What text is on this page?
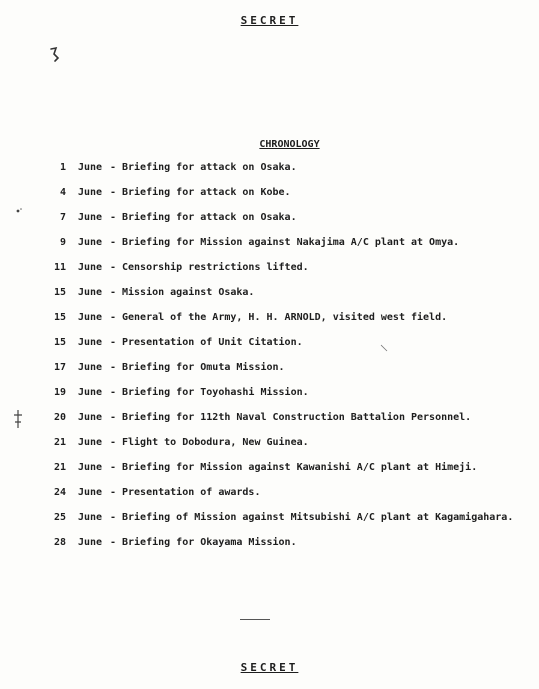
SECRET
CHRONOLOGY
1 June - Briefing for attack on Osaka.
4 June - Briefing for attack on Kobe.
7 June - Briefing for attack on Osaka.
9 June - Briefing for Mission against Nakajima A/C plant at Omya.
11 June - Censorship restrictions lifted.
15 June - Mission against Osaka.
15 June - General of the Army, H. H. ARNOLD, visited west field.
15 June - Presentation of Unit Citation.
17 June - Briefing for Omuta Mission.
19 June - Briefing for Toyohashi Mission.
20 June - Briefing for 112th Naval Construction Battalion Personnel.
21 June - Flight to Dobodura, New Guinea.
21 June - Briefing for Mission against Kawanishi A/C plant at Himeji.
24 June - Presentation of awards.
25 June - Briefing of Mission against Mitsubishi A/C plant at Kagamigahara.
28 June - Briefing for Okayama Mission.
SECRET
